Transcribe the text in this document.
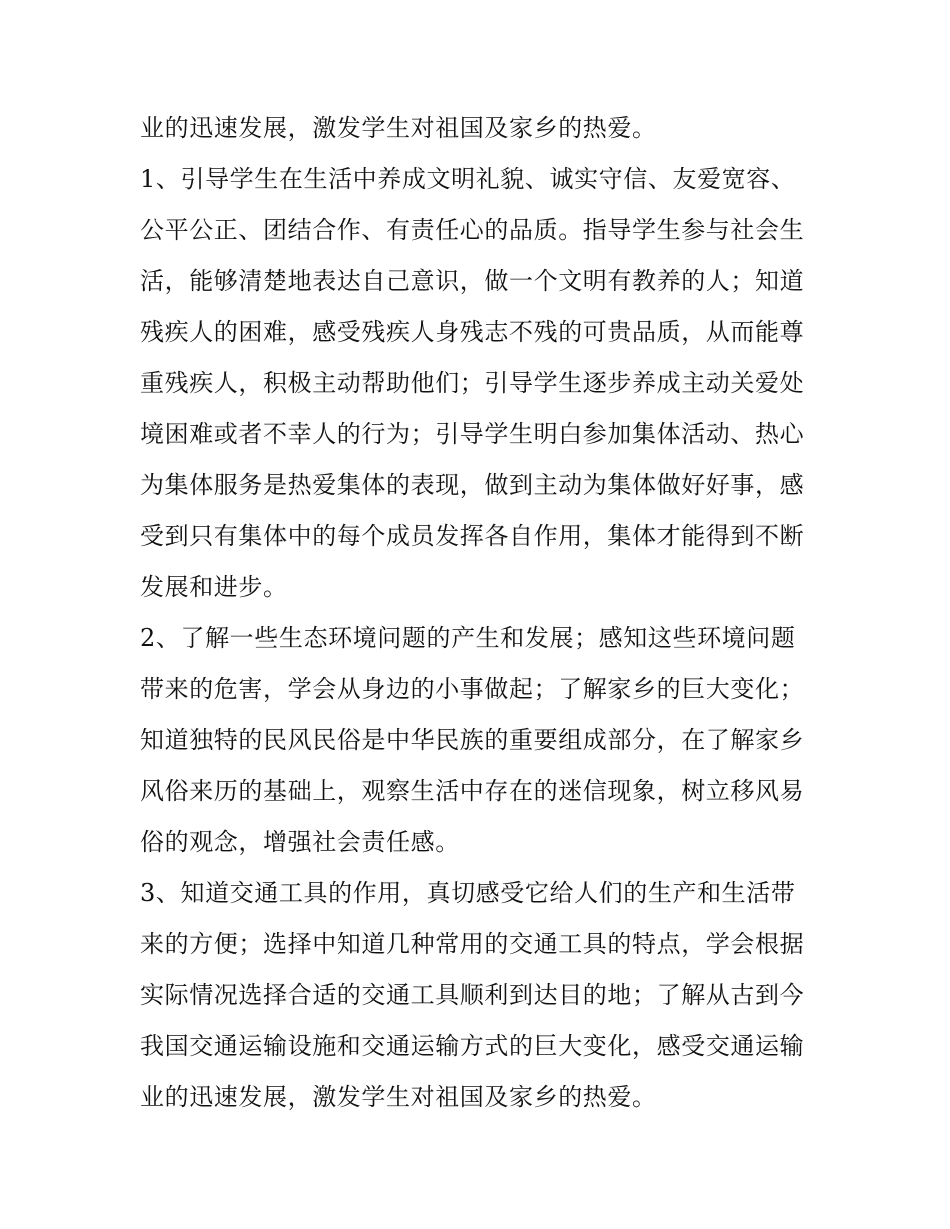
业的迅速发展，激发学生对祖国及家乡的热爱。
1、引导学生在生活中养成文明礼貌、诚实守信、友爱宽容、
公平公正、团结合作、有责任心的品质。指导学生参与社会生
活，能够清楚地表达自己意识，做一个文明有教养的人；知道
残疾人的困难，感受残疾人身残志不残的可贵品质，从而能尊
重残疾人，积极主动帮助他们；引导学生逐步养成主动关爱处
境困难或者不幸人的行为；引导学生明白参加集体活动、热心
为集体服务是热爱集体的表现，做到主动为集体做好好事，感
受到只有集体中的每个成员发挥各自作用，集体才能得到不断
发展和进步。
2、了解一些生态环境问题的产生和发展；感知这些环境问题
带来的危害，学会从身边的小事做起；了解家乡的巨大变化；
知道独特的民风民俗是中华民族的重要组成部分，在了解家乡
风俗来历的基础上，观察生活中存在的迷信现象，树立移风易
俗的观念，增强社会责任感。
3、知道交通工具的作用，真切感受它给人们的生产和生活带
来的方便；选择中知道几种常用的交通工具的特点，学会根据
实际情况选择合适的交通工具顺利到达目的地；了解从古到今
我国交通运输设施和交通运输方式的巨大变化，感受交通运输
业的迅速发展，激发学生对祖国及家乡的热爱。
